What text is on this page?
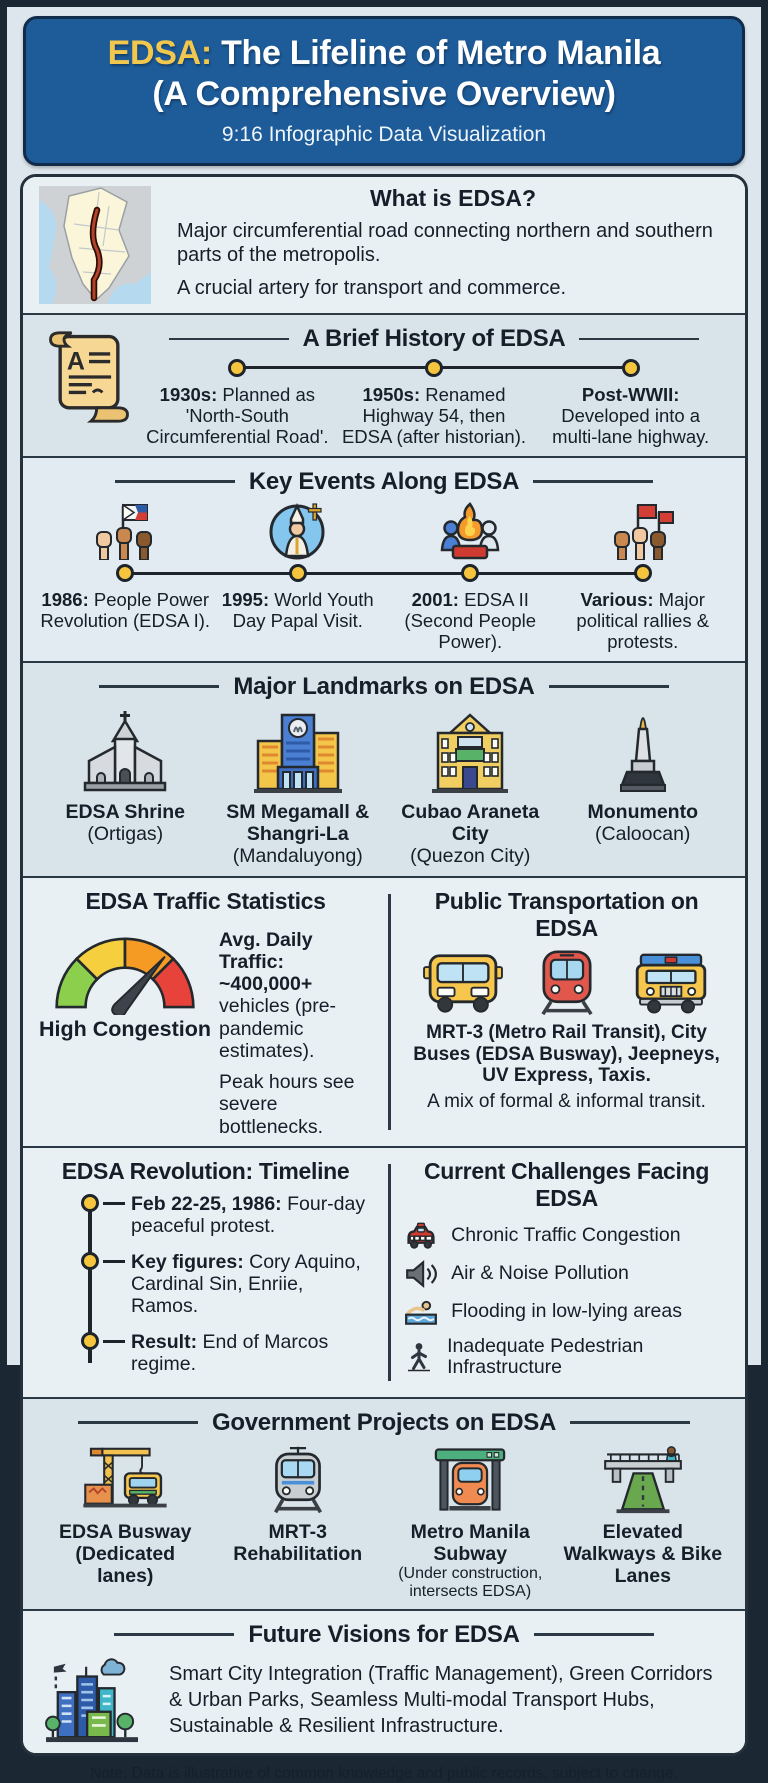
EDSA: The Lifeline of Metro Manila
(A Comprehensive Overview)
9:16 Infographic Data Visualization
What is EDSA?

Major circumferential road connecting northern and southern parts of the metropolis.

A crucial artery for transport and commerce.

A
A Brief History of EDSA
1930s: Planned as 'North-South Circumferential Road'.
1950s: Renamed Highway 54, then EDSA (after historian).
Post-WWII: Developed into a multi-lane highway.
Key Events Along EDSA
1986: People Power Revolution (EDSA I).
1995: World Youth Day Papal Visit.
2001: EDSA II (Second People Power).
Various: Major political rallies & protests.
Major Landmarks on EDSA
EDSA Shrine
(Ortigas)
SM Megamall & Shangri-La
(Mandaluyong)
Cubao Araneta City
(Quezon City)
Monumento
(Caloocan)
EDSA Traffic Statistics
High Congestion

Avg. Daily Traffic: ~400,000+ vehicles (pre-pandemic estimates).

Peak hours see severe bottlenecks.

Public Transportation on EDSA
MRT-3 (Metro Rail Transit), City Buses (EDSA Busway), Jeepneys, UV Express, Taxis.
A mix of formal & informal transit.
EDSA Revolution: Timeline
Feb 22-25, 1986: Four-day peaceful protest.
Key figures: Cory Aquino, Cardinal Sin, Enriie, Ramos.
Result: End of Marcos regime.
Current Challenges Facing EDSA
Chronic Traffic Congestion
Air & Noise Pollution
Flooding in low-lying areas
Inadequate Pedestrian Infrastructure
Government Projects on EDSA
EDSA Busway (Dedicated lanes)
MRT-3 Rehabilitation
Metro Manila Subway
(Under construction, intersects EDSA)
Elevated Walkways & Bike Lanes
Future Visions for EDSA
Smart City Integration (Traffic Management), Green Corridors & Urban Parks, Seamless Multi-modal Transport Hubs, Sustainable & Resilient Infrastructure.
Note: Data is illustrative of common knowledge and public records, subject to change.
